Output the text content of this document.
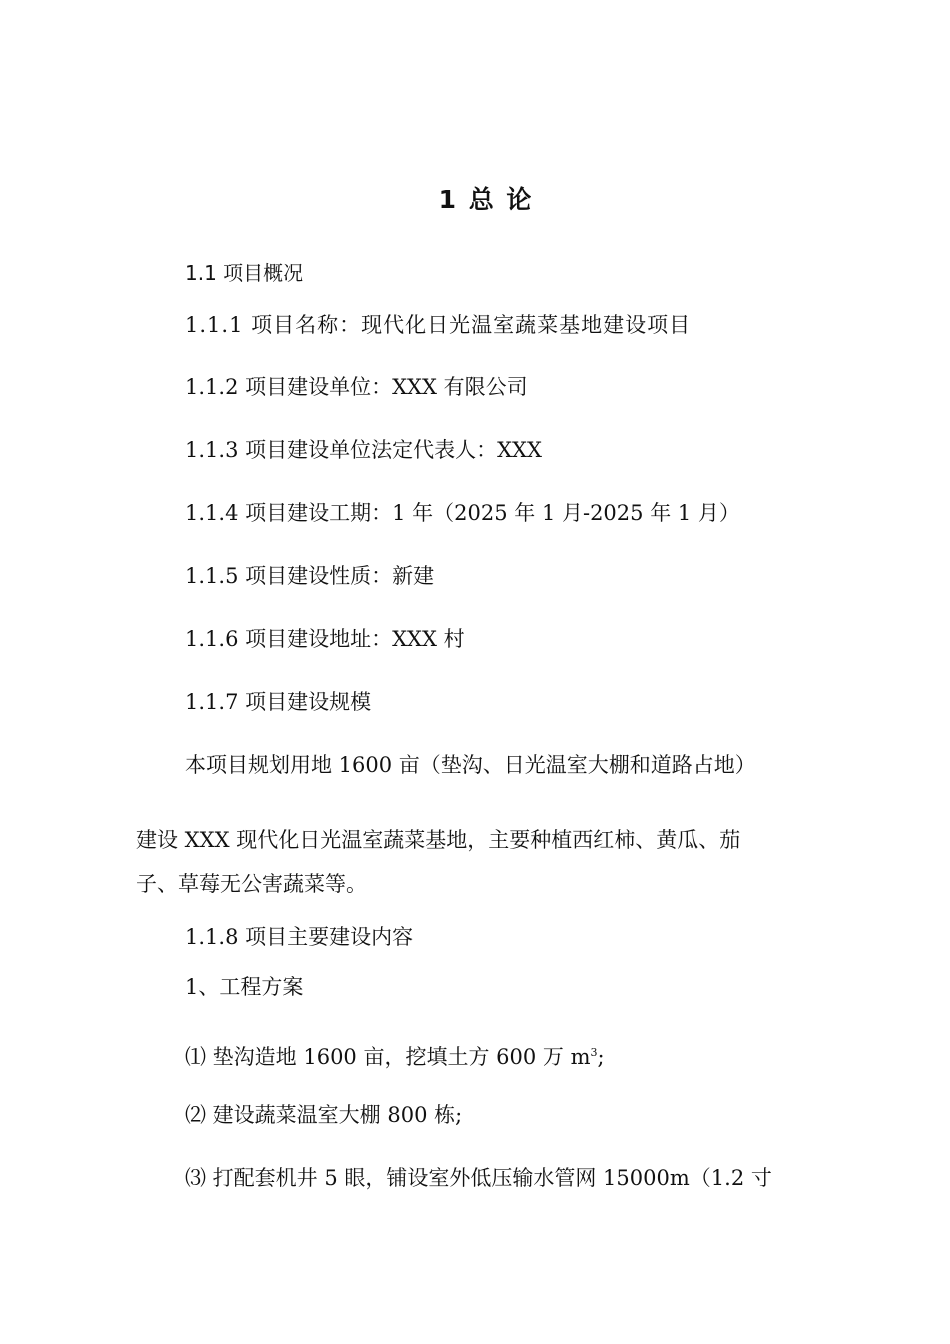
1 总 论
1.1 项目概况
1.1.1 项目名称：现代化日光温室蔬菜基地建设项目
1.1.2 项目建设单位：XXX 有限公司
1.1.3 项目建设单位法定代表人：XXX
1.1.4 项目建设工期：1 年（2025 年 1 月-2025 年 1 月）
1.1.5 项目建设性质：新建
1.1.6 项目建设地址：XXX 村
1.1.7 项目建设规模
本项目规划用地 1600 亩（垫沟、日光温室大棚和道路占地）
建设 XXX 现代化日光温室蔬菜基地，主要种植西红柿、黄瓜、茄
子、草莓无公害蔬菜等。
1.1.8 项目主要建设内容
1、工程方案
⑴ 垫沟造地 1600 亩，挖填土方 600 万 $m^3$;
⑵ 建设蔬菜温室大棚 800 栋;
⑶ 打配套机井 5 眼，铺设室外低压输水管网 15000m（1.2 寸
